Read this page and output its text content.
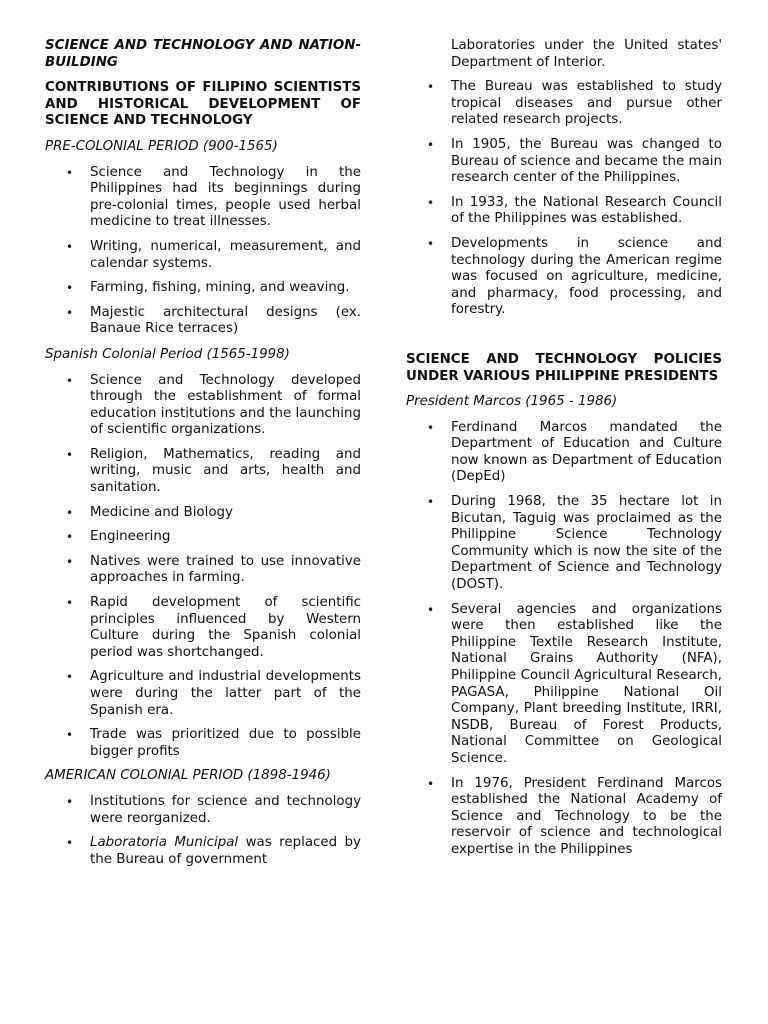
SCIENCE AND TECHNOLOGY AND NATION-BUILDING

CONTRIBUTIONS OF FILIPINO SCIENTISTS AND HISTORICAL DEVELOPMENT OF SCIENCE AND TECHNOLOGY

PRE-COLONIAL PERIOD (900-1565)

• Science and Technology in the Philippines had its beginnings during pre-colonial times, people used herbal medicine to treat illnesses.
• Writing, numerical, measurement, and calendar systems.
• Farming, fishing, mining, and weaving.
• Majestic architectural designs (ex. Banaue Rice terraces)

Spanish Colonial Period (1565-1998)

• Science and Technology developed through the establishment of formal education institutions and the launching of scientific organizations.
• Religion, Mathematics, reading and writing, music and arts, health and sanitation.
• Medicine and Biology
• Engineering
• Natives were trained to use innovative approaches in farming.
• Rapid development of scientific principles influenced by Western Culture during the Spanish colonial period was shortchanged.
• Agriculture and industrial developments were during the latter part of the Spanish era.
• Trade was prioritized due to possible bigger profits

AMERICAN COLONIAL PERIOD (1898-1946)

• Institutions for science and technology were reorganized.
• Laboratoria Municipal was replaced by the Bureau of government
Laboratories under the United states' Department of Interior.
• The Bureau was established to study tropical diseases and pursue other related research projects.
• In 1905, the Bureau was changed to Bureau of science and became the main research center of the Philippines.
• In 1933, the National Research Council of the Philippines was established.
• Developments in science and technology during the American regime was focused on agriculture, medicine, and pharmacy, food processing, and forestry.

SCIENCE AND TECHNOLOGY POLICIES UNDER VARIOUS PHILIPPINE PRESIDENTS

President Marcos (1965 - 1986)

• Ferdinand Marcos mandated the Department of Education and Culture now known as Department of Education (DepEd)
• During 1968, the 35 hectare lot in Bicutan, Taguig was proclaimed as the Philippine Science Technology Community which is now the site of the Department of Science and Technology (DOST).
• Several agencies and organizations were then established like the Philippine Textile Research Institute, National Grains Authority (NFA), Philippine Council Agricultural Research, PAGASA, Philippine National Oil Company, Plant breeding Institute, IRRI, NSDB, Bureau of Forest Products, National Committee on Geological Science.
• In 1976, President Ferdinand Marcos established the National Academy of Science and Technology to be the reservoir of science and technological expertise in the Philippines
